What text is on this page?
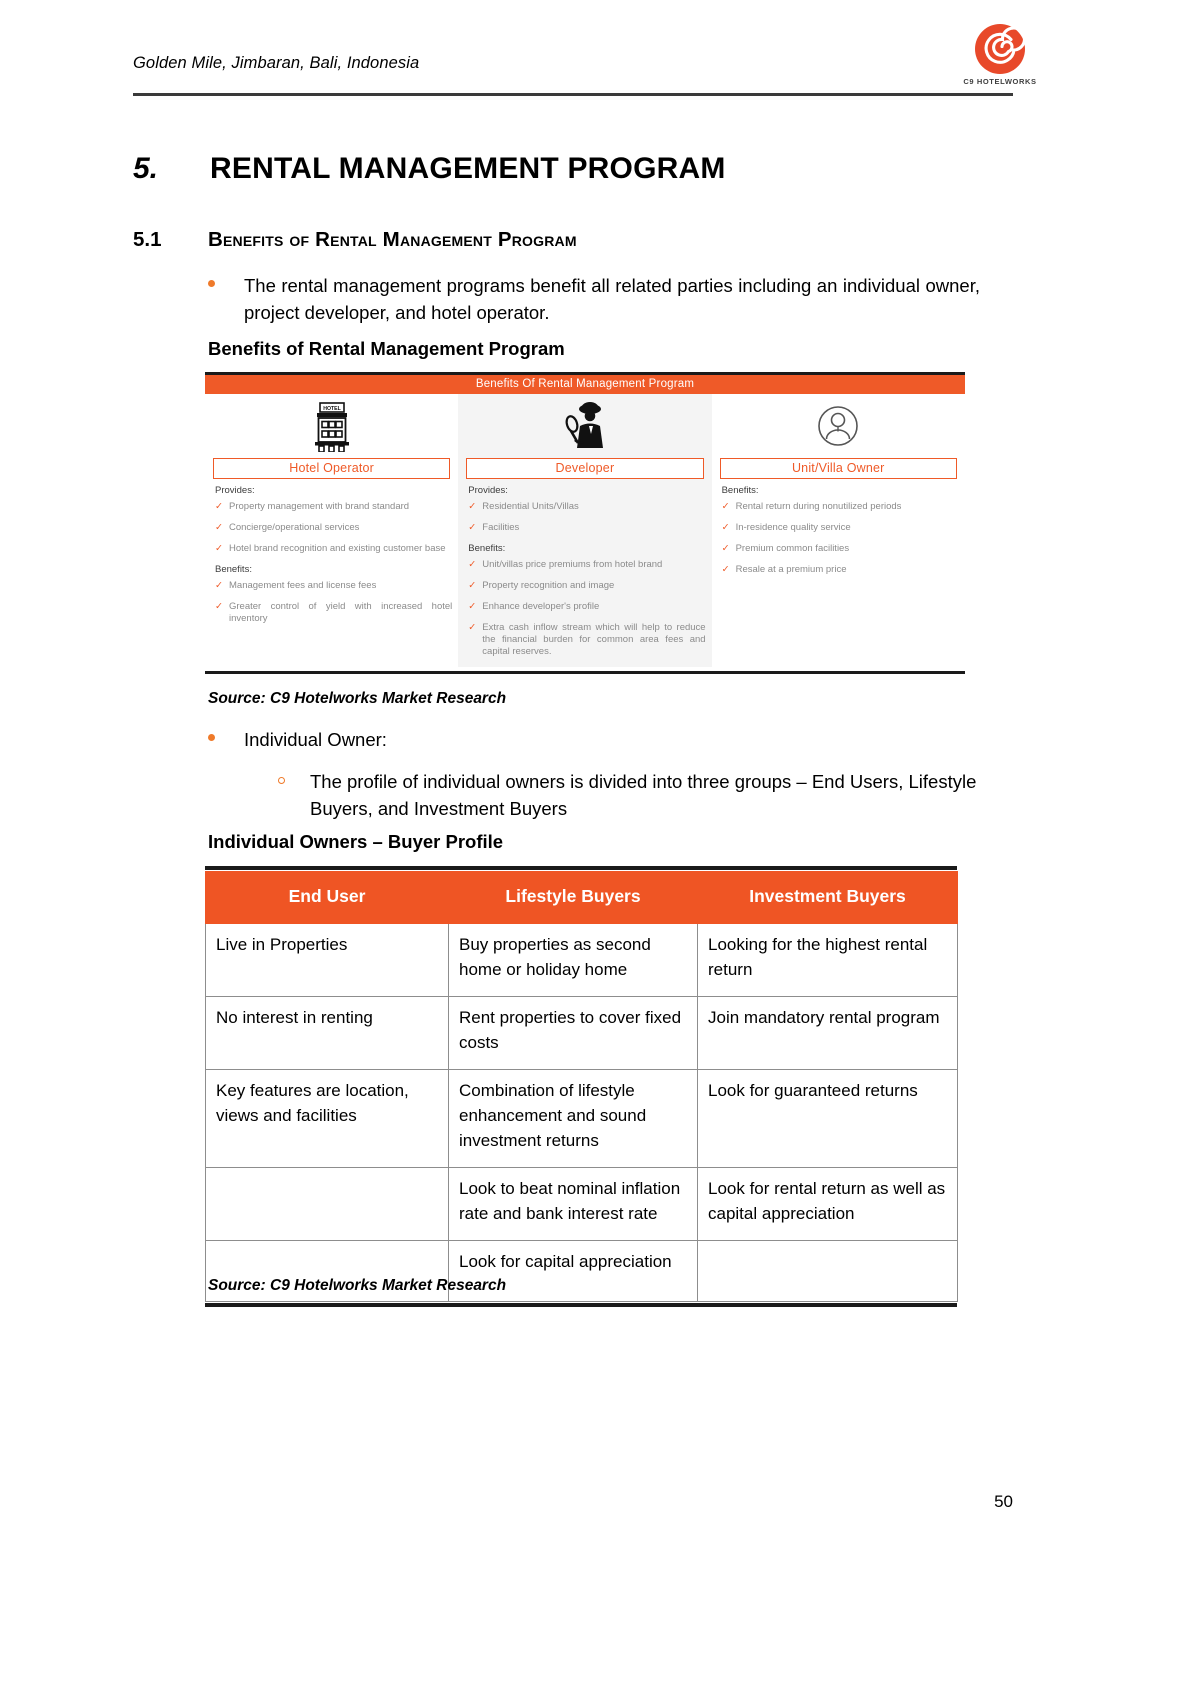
Golden Mile, Jimbaran, Bali, Indonesia
C9 HOTELWORKS
5. RENTAL MANAGEMENT PROGRAM
5.1 Benefits of Rental Management Program
The rental management programs benefit all related parties including an individual owner, project developer, and hotel operator.
Benefits of Rental Management Program
Benefits Of Rental Management Program
HOTEL
Hotel Operator
Provides:
✓ Property management with brand standard
✓ Concierge/operational services
✓ Hotel brand recognition and existing customer base
Benefits:
✓ Management fees and license fees
✓ Greater control of yield with increased hotel inventory
Developer
Provides:
✓ Residential Units/Villas
✓ Facilities
Benefits:
✓ Unit/villas price premiums from hotel brand
✓ Property recognition and image
✓ Enhance developer's profile
✓ Extra cash inflow stream which will help to reduce the financial burden for common area fees and capital reserves.
Unit/Villa Owner
Benefits:
✓ Rental return during nonutilized periods
✓ In-residence quality service
✓ Premium common facilities
✓ Resale at a premium price
Source: C9 Hotelworks Market Research
Individual Owner:
The profile of individual owners is divided into three groups – End Users, Lifestyle Buyers, and Investment Buyers
Individual Owners – Buyer Profile
End User	Lifestyle Buyers	Investment Buyers
Live in Properties	Buy properties as second home or holiday home	Looking for the highest rental return
No interest in renting	Rent properties to cover fixed costs	Join mandatory rental program
Key features are location, views and facilities	Combination of lifestyle enhancement and sound investment returns	Look for guaranteed returns
	Look to beat nominal inflation rate and bank interest rate	Look for rental return as well as capital appreciation
	Look for capital appreciation	
Source: C9 Hotelworks Market Research
50
